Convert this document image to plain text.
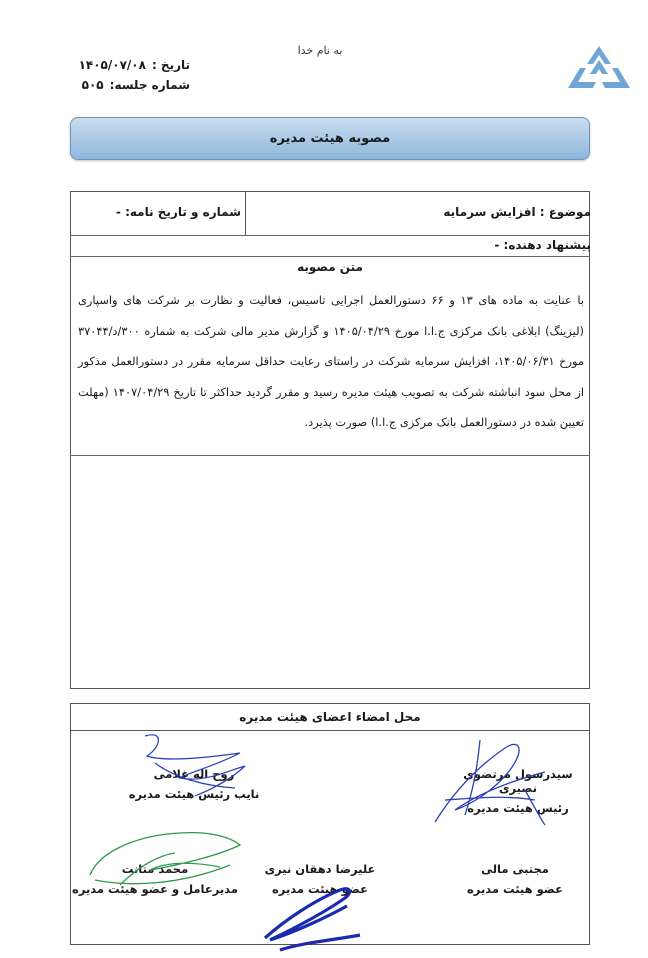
به نام خدا
تاریخ :
۱۴۰۵/۰۷/۰۸
شماره جلسه:
۵۰۵
مصوبه هیئت مدیره
موضوع : افزایش سرمایه
شماره و تاریخ نامه: -
پیشنهاد دهنده: -
متن مصوبه
با عنایت به ماده های ۱۳ و ۶۶ دستورالعمل اجرایی تاسیس، فعالیت و نظارت بر شرکت های واسپاری (لیزینگ) ابلاغی بانک مرکزی ج.ا.ا مورخ ۱۴۰۵/۰۴/۲۹ و گزارش مدیر مالی شرکت به شماره ۳۰۰/د/۳۷۰۴۴ مورخ ۱۴۰۵/۰۶/۳۱، افزایش سرمایه شرکت در راستای رعایت حداقل سرمایه مقرر در دستورالعمل مذکور از محل سود انباشته شرکت به تصویب هیئت مدیره رسید و مقرر گردید حداکثر تا تاریخ ۱۴۰۷/۰۴/۲۹ (مهلت تعیین شده در دستورالعمل بانک مرکزی ج.ا.ا) صورت پذیرد.
محل امضاء اعضای هیئت مدیره
سیدرسول مرتضوی نصیری
رئیس هیئت مدیره
روح اله غلامی
نایب رئیس هیئت مدیره
مجتبی مالی
عضو هیئت مدیره
علیرضا دهقان نیری
عضو هیئت مدیره
محمد متانت
مدیرعامل و عضو هیئت مدیره
